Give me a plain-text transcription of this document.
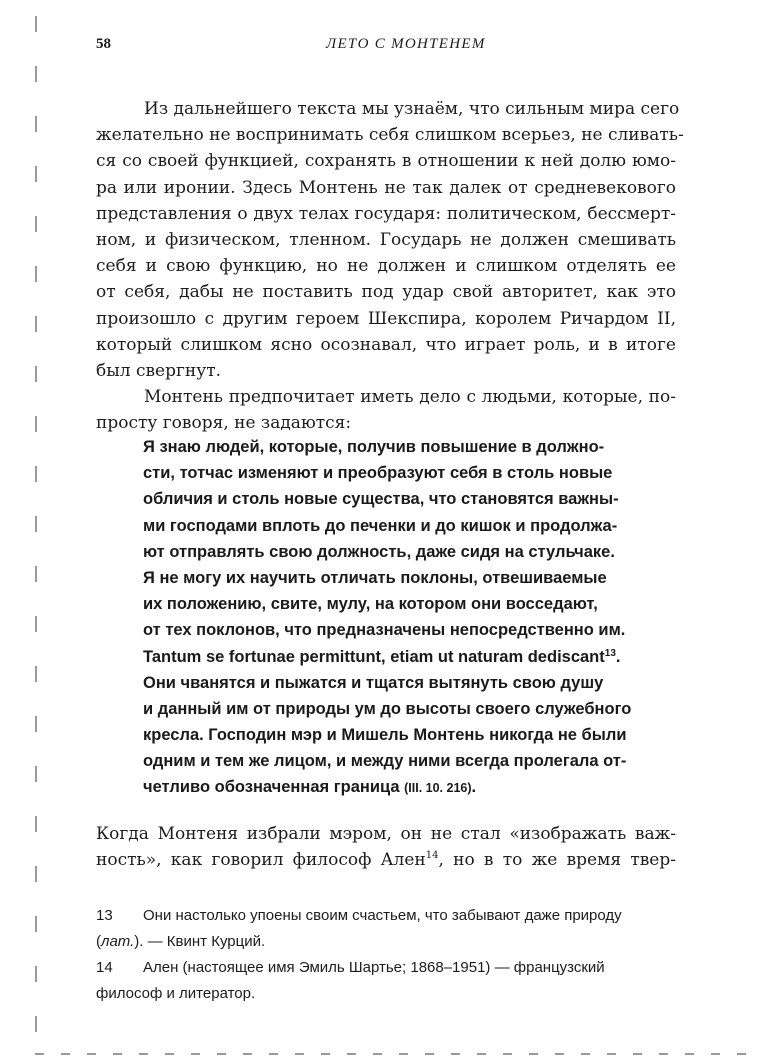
58	ЛЕТО С МОНТЕНЕМ
Из дальнейшего текста мы узнаём, что сильным мира сего
желательно не воспринимать себя слишком всерьез, не сливать-
ся со своей функцией, сохранять в отношении к ней долю юмо-
ра или иронии. Здесь Монтень не так далек от средневекового
представления о двух телах государя: политическом, бессмерт-
ном, и физическом, тленном. Государь не должен смешивать
себя и свою функцию, но не должен и слишком отделять ее
от себя, дабы не поставить под удар свой авторитет, как это
произошло с другим героем Шекспира, королем Ричардом II,
который слишком ясно осознавал, что играет роль, и в итоге
был свергнут.
Монтень предпочитает иметь дело с людьми, которые, по-
просту говоря, не задаются:
Я знаю людей, которые, получив повышение в должно-
сти, тотчас изменяют и преобразуют себя в столь новые
обличия и столь новые существа, что становятся важны-
ми господами вплоть до печенки и до кишок и продолжа-
ют отправлять свою должность, даже сидя на стульчаке.
Я не могу их научить отличать поклоны, отвешиваемые
их положению, свите, мулу, на котором они восседают,
от тех поклонов, что предназначены непосредственно им.
Tantum se fortunae permittunt, etiam ut naturam dediscant$^{13}$.
Они чванятся и пыжатся и тщатся вытянуть свою душу
и данный им от природы ум до высоты своего служебного
кресла. Господин мэр и Мишель Монтень никогда не были
одним и тем же лицом, и между ними всегда пролегала от-
четливо обозначенная граница (III. 10. 216).
Когда Монтеня избрали мэром, он не стал «изображать важ-
ность», как говорил философ Ален$^{14}$, но в то же время твер-
13 Они настолько упоены своим счастьем, что забывают даже природу
(лат.). — Квинт Курций.
14 Ален (настоящее имя Эмиль Шартье; 1868–1951) — французский
философ и литератор.
